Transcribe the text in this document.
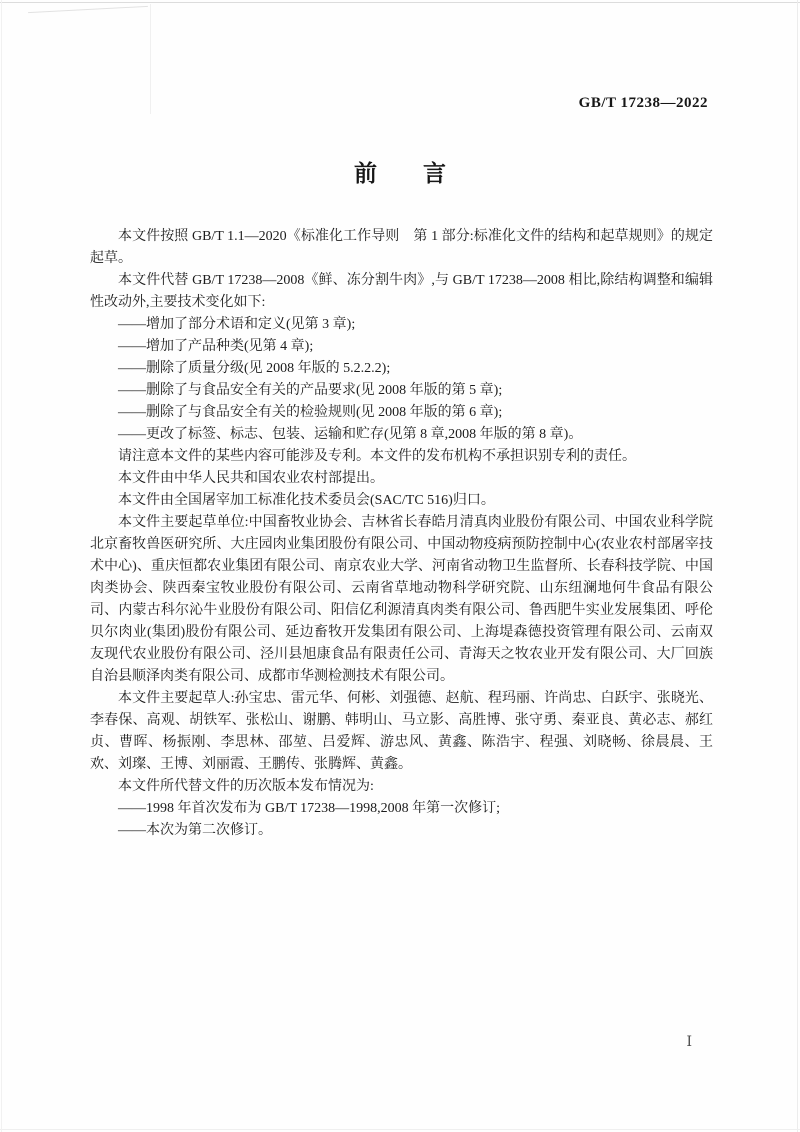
GB/T 17238—2022
前　　言

本文件按照 GB/T 1.1—2020《标准化工作导则　第 1 部分:标准化文件的结构和起草规则》的规定起草。

本文件代替 GB/T 17238—2008《鲜、冻分割牛肉》,与 GB/T 17238—2008 相比,除结构调整和编辑性改动外,主要技术变化如下:

——增加了部分术语和定义(见第 3 章);

——增加了产品种类(见第 4 章);

——删除了质量分级(见 2008 年版的 5.2.2.2);

——删除了与食品安全有关的产品要求(见 2008 年版的第 5 章);

——删除了与食品安全有关的检验规则(见 2008 年版的第 6 章);

——更改了标签、标志、包装、运输和贮存(见第 8 章,2008 年版的第 8 章)。

请注意本文件的某些内容可能涉及专利。本文件的发布机构不承担识别专利的责任。

本文件由中华人民共和国农业农村部提出。

本文件由全国屠宰加工标准化技术委员会(SAC/TC 516)归口。

本文件主要起草单位:中国畜牧业协会、吉林省长春皓月清真肉业股份有限公司、中国农业科学院北京畜牧兽医研究所、大庄园肉业集团股份有限公司、中国动物疫病预防控制中心(农业农村部屠宰技术中心)、重庆恒都农业集团有限公司、南京农业大学、河南省动物卫生监督所、长春科技学院、中国肉类协会、陕西秦宝牧业股份有限公司、云南省草地动物科学研究院、山东纽澜地何牛食品有限公司、内蒙古科尔沁牛业股份有限公司、阳信亿利源清真肉类有限公司、鲁西肥牛实业发展集团、呼伦贝尔肉业(集团)股份有限公司、延边畜牧开发集团有限公司、上海堤森德投资管理有限公司、云南双友现代农业股份有限公司、泾川县旭康食品有限责任公司、青海天之牧农业开发有限公司、大厂回族自治县顺泽肉类有限公司、成都市华测检测技术有限公司。

本文件主要起草人:孙宝忠、雷元华、何彬、刘强德、赵航、程玛丽、许尚忠、白跃宇、张晓光、李春保、高观、胡铁军、张松山、谢鹏、韩明山、马立影、高胜博、张守勇、秦亚良、黄必志、郝红贞、曹晖、杨振刚、李思林、邵堃、吕爱辉、游忠风、黄鑫、陈浩宇、程强、刘晓畅、徐晨晨、王欢、刘璨、王博、刘丽霞、王鹏传、张腾辉、黄鑫。

本文件所代替文件的历次版本发布情况为:

——1998 年首次发布为 GB/T 17238—1998,2008 年第一次修订;

——本次为第二次修订。

Ⅰ
